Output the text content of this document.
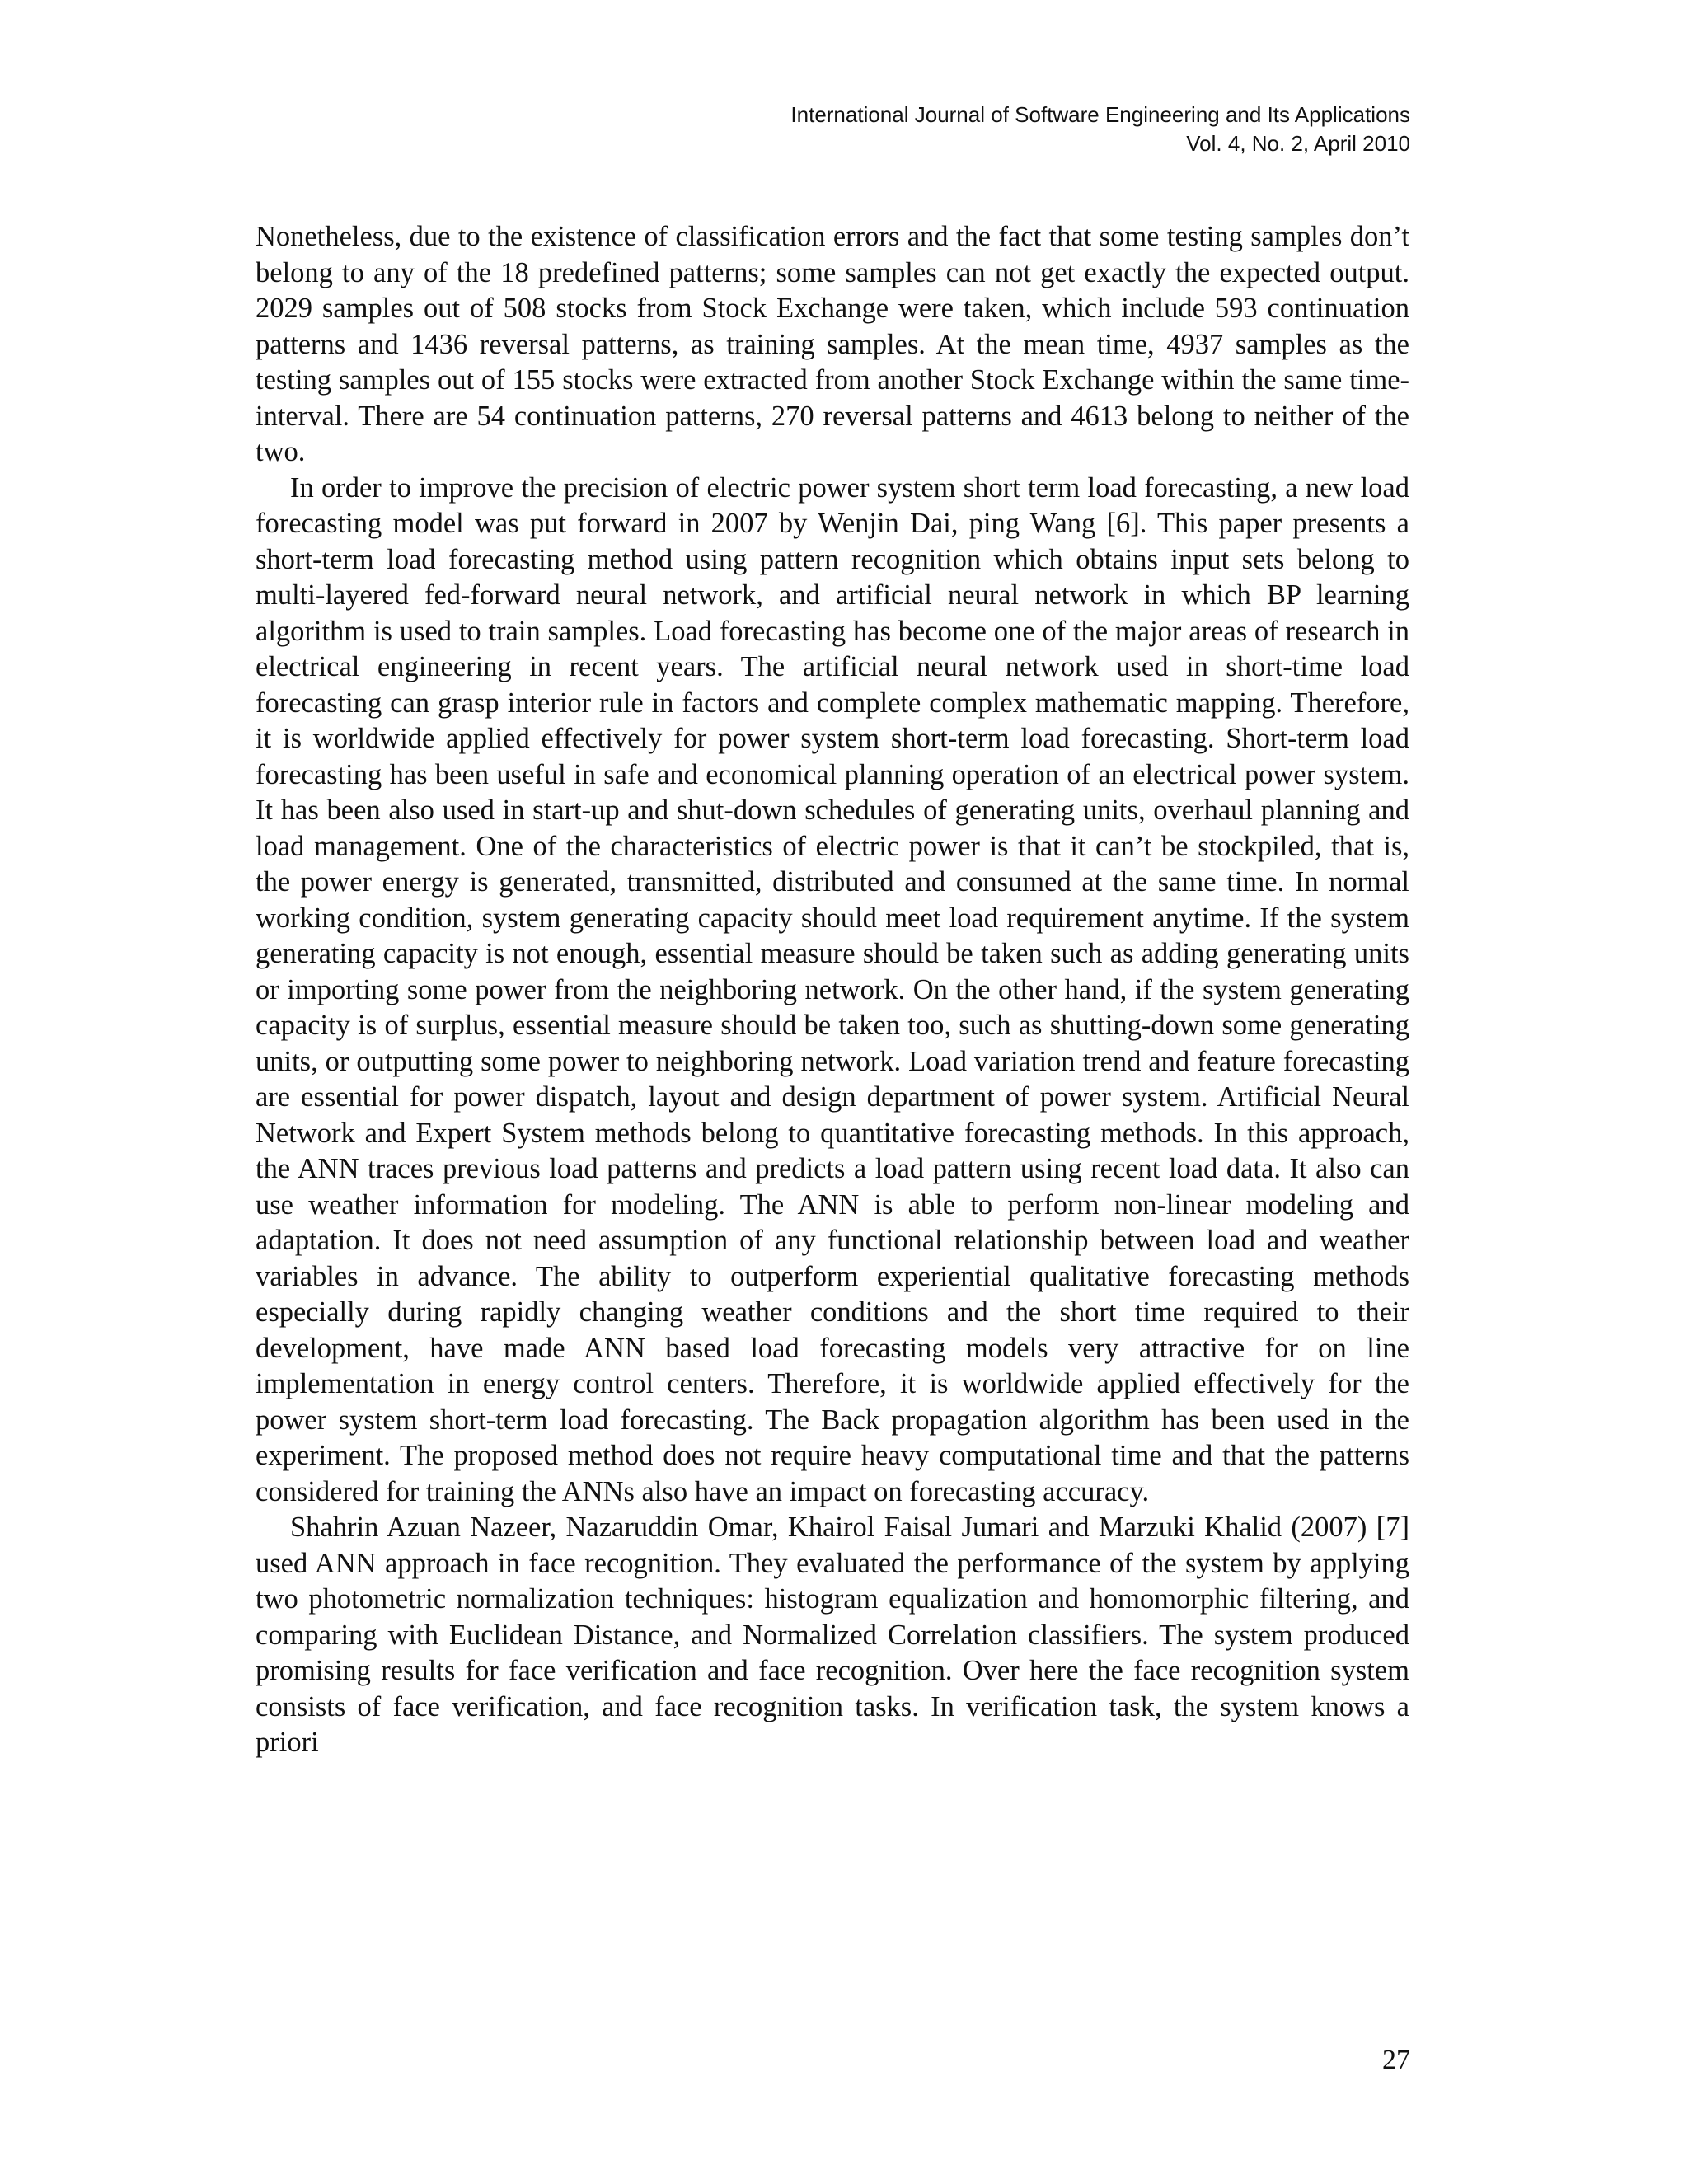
International Journal of Software Engineering and Its Applications
Vol. 4, No. 2, April 2010

Nonetheless, due to the existence of classification errors and the fact that some testing samples don’t belong to any of the 18 predefined patterns; some samples can not get exactly the expected output. 2029 samples out of 508 stocks from Stock Exchange were taken, which include 593 continuation patterns and 1436 reversal patterns, as training samples. At the mean time, 4937 samples as the testing samples out of 155 stocks were extracted from another Stock Exchange within the same time-interval. There are 54 continuation patterns, 270 reversal patterns and 4613 belong to neither of the two.

In order to improve the precision of electric power system short term load forecasting, a new load forecasting model was put forward in 2007 by Wenjin Dai, ping Wang [6]. This paper presents a short-term load forecasting method using pattern recognition which obtains input sets belong to multi-layered fed-forward neural network, and artificial neural network in which BP learning algorithm is used to train samples. Load forecasting has become one of the major areas of research in electrical engineering in recent years. The artificial neural network used in short-time load forecasting can grasp interior rule in factors and complete complex mathematic mapping. Therefore, it is worldwide applied effectively for power system short-term load forecasting. Short-term load forecasting has been useful in safe and economical planning operation of an electrical power system. It has been also used in start-up and shut-down schedules of generating units, overhaul planning and load management. One of the characteristics of electric power is that it can’t be stockpiled, that is, the power energy is generated, transmitted, distributed and consumed at the same time. In normal working condition, system generating capacity should meet load requirement anytime. If the system generating capacity is not enough, essential measure should be taken such as adding generating units or importing some power from the neighboring network. On the other hand, if the system generating capacity is of surplus, essential measure should be taken too, such as shutting-down some generating units, or outputting some power to neighboring network. Load variation trend and feature forecasting are essential for power dispatch, layout and design department of power system. Artificial Neural Network and Expert System methods belong to quantitative forecasting methods. In this approach, the ANN traces previous load patterns and predicts a load pattern using recent load data. It also can use weather information for modeling. The ANN is able to perform non-linear modeling and adaptation. It does not need assumption of any functional relationship between load and weather variables in advance. The ability to outperform experiential qualitative forecasting methods especially during rapidly changing weather conditions and the short time required to their development, have made ANN based load forecasting models very attractive for on line implementation in energy control centers. Therefore, it is worldwide applied effectively for the power system short-term load forecasting. The Back propagation algorithm has been used in the experiment. The proposed method does not require heavy computational time and that the patterns considered for training the ANNs also have an impact on forecasting accuracy.

Shahrin Azuan Nazeer, Nazaruddin Omar, Khairol Faisal Jumari and Marzuki Khalid (2007) [7] used ANN approach in face recognition. They evaluated the performance of the system by applying two photometric normalization techniques: histogram equalization and homomorphic filtering, and comparing with Euclidean Distance, and Normalized Correlation classifiers. The system produced promising results for face verification and face recognition. Over here the face recognition system consists of face verification, and face recognition tasks. In verification task, the system knows a priori

27
